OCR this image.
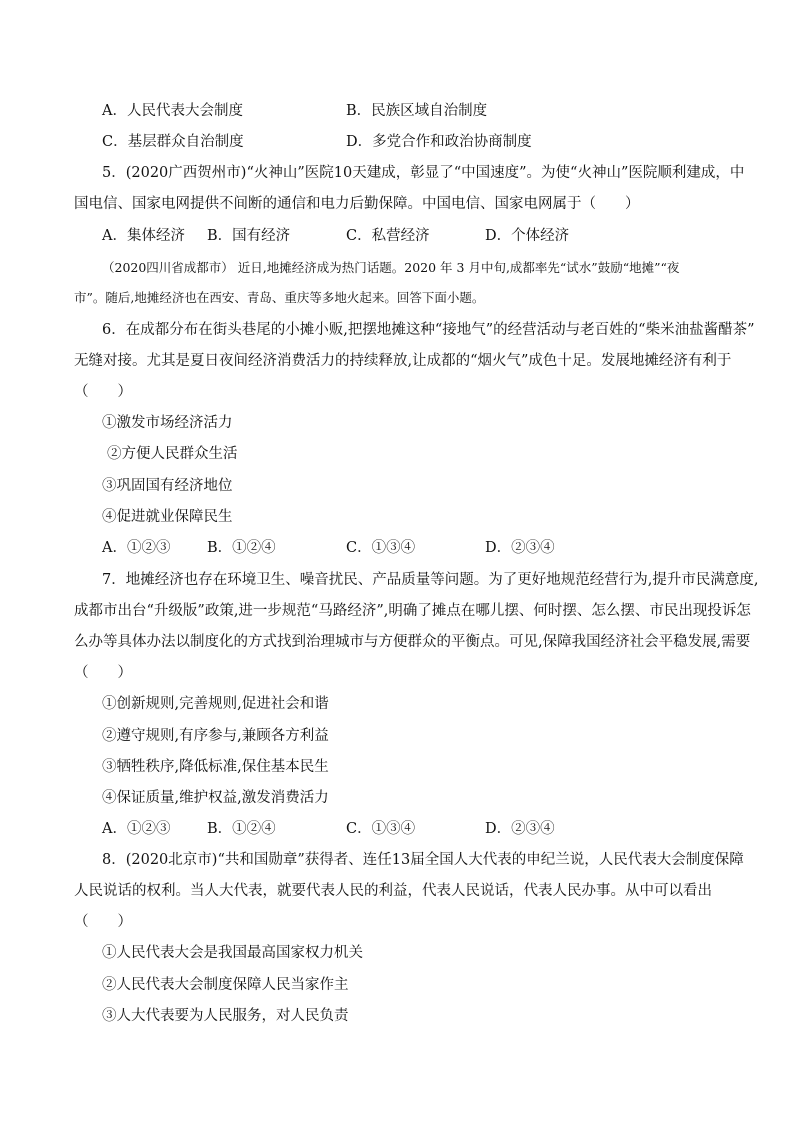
A．人民代表大会制度	B．民族区域自治制度
C．基层群众自治制度	D．多党合作和政治协商制度
5．(2020广西贺州市)“火神山”医院10天建成，彰显了“中国速度”。为使“火神山”医院顺利建成，中
国电信、国家电网提供不间断的通信和电力后勤保障。中国电信、国家电网属于（　　）
A．集体经济 B．国有经济	C．私营经济	D．个体经济
（2020四川省成都市） 近日,地摊经济成为热门话题。2020 年 3 月中旬,成都率先“试水”鼓励“地摊”“夜
市”。随后,地摊经济也在西安、青岛、重庆等多地火起来。回答下面小题。
6．在成都分布在街头巷尾的小摊小贩,把摆地摊这种“接地气”的经营活动与老百姓的“柴米油盐酱醋茶”
无缝对接。尤其是夏日夜间经济消费活力的持续释放,让成都的“烟火气”成色十足。发展地摊经济有利于
（　　）
①激发市场经济活力
②方便人民群众生活
③巩固国有经济地位
④促进就业保障民生
A．①②③	B．①②④	C．①③④	D．②③④
7．地摊经济也存在环境卫生、噪音扰民、产品质量等问题。为了更好地规范经营行为,提升市民满意度,
成都市出台“升级版”政策,进一步规范“马路经济”,明确了摊点在哪儿摆、何时摆、怎么摆、市民出现投诉怎
么办等具体办法以制度化的方式找到治理城市与方便群众的平衡点。可见,保障我国经济社会平稳发展,需要
（　　）
①创新规则,完善规则,促进社会和谐
②遵守规则,有序参与,兼顾各方利益
③牺牲秩序,降低标准,保住基本民生
④保证质量,维护权益,激发消费活力
A．①②③	B．①②④	C．①③④	D．②③④
8．(2020北京市)“共和国勋章”获得者、连任13届全国人大代表的申纪兰说，人民代表大会制度保障
人民说话的权利。当人大代表，就要代表人民的利益，代表人民说话，代表人民办事。从中可以看出
（　　）
①人民代表大会是我国最高国家权力机关
②人民代表大会制度保障人民当家作主
③人大代表要为人民服务，对人民负责
